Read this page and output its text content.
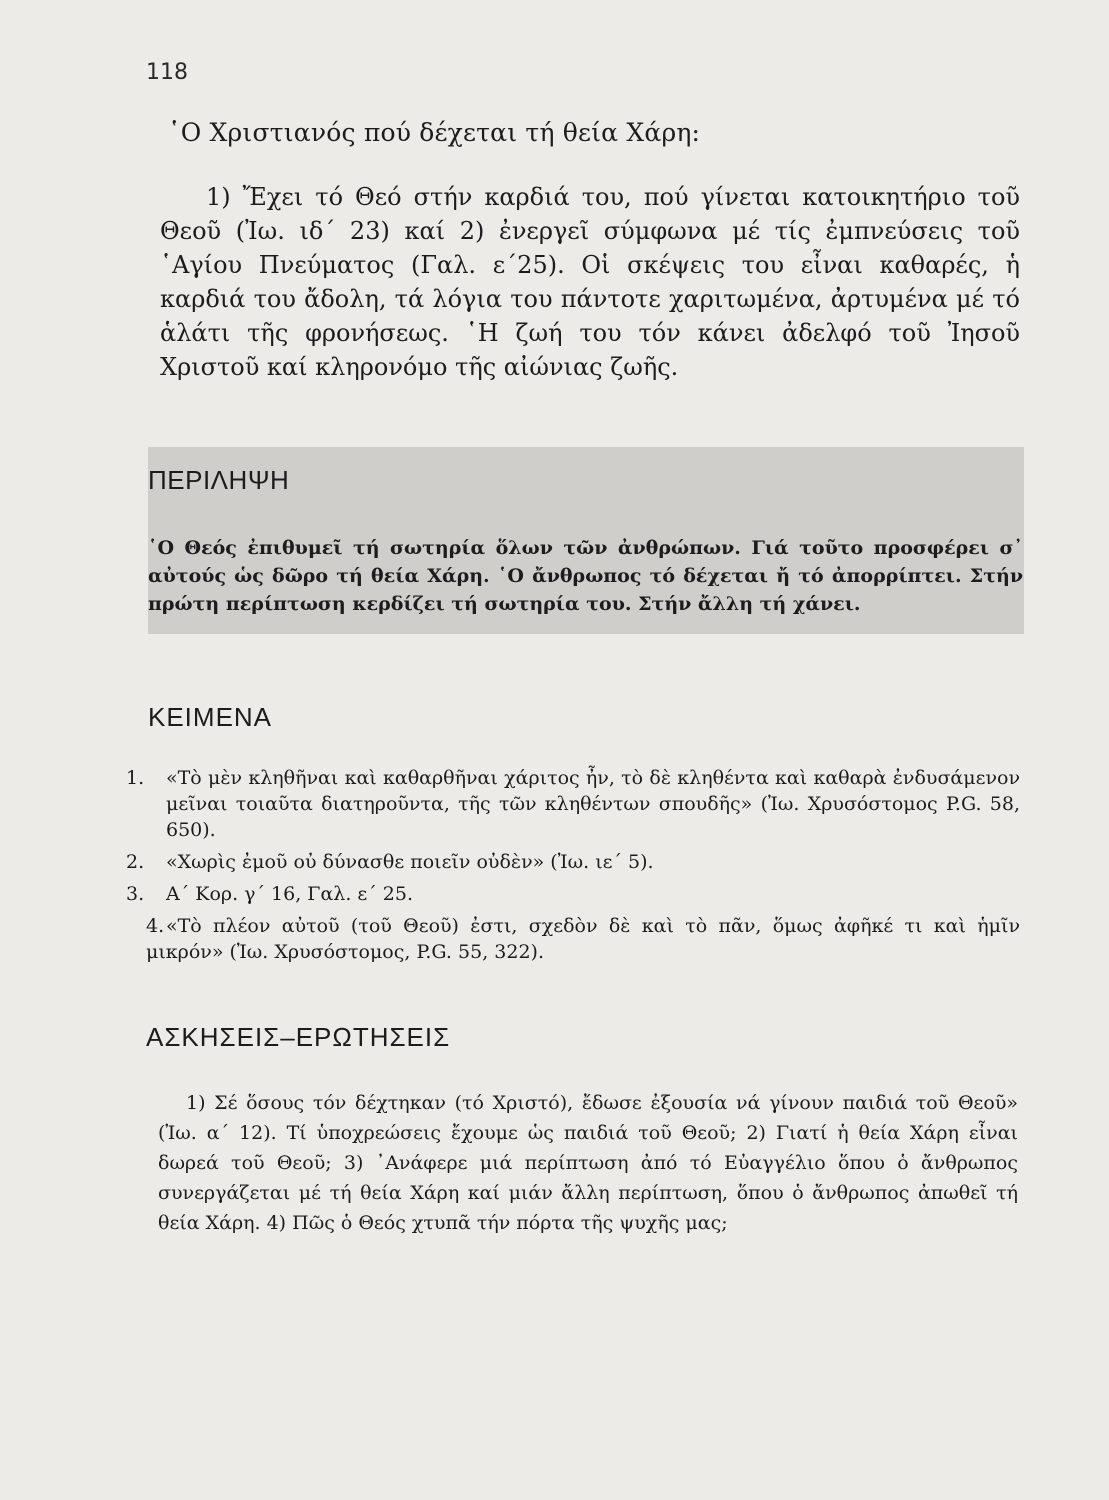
118
῾Ο Χριστιανός πού δέχεται τή θεία Χάρη:

1) Ἔχει τό Θεό στήν καρδιά του, πού γίνεται κατοικητήριο τοῦ Θεοῦ (Ἰω. ιδ´ 23) καί 2) ἐνεργεῖ σύμφωνα μέ τίς ἐμπνεύσεις τοῦ ῾Αγίου Πνεύματος (Γαλ. ε´25). Οἱ σκέψεις του εἶναι καθαρές, ἡ καρδιά του ἄδολη, τά λόγια του πάντοτε χαριτωμένα, ἀρτυμένα μέ τό ἁλάτι τῆς φρονήσεως. ῾Η ζωή του τόν κάνει ἀδελφό τοῦ Ἰησοῦ Χριστοῦ καί κληρονόμο τῆς αἰώνιας ζωῆς.

ΠΕΡΙΛΗΨΗ

῾Ο Θεός ἐπιθυμεῖ τή σωτηρία ὅλων τῶν ἀνθρώπων. Γιά τοῦτο προσφέρει σ᾽ αὐτούς ὡς δῶρο τή θεία Χάρη. ῾Ο ἄνθρωπος τό δέχεται ἤ τό ἀπορρίπτει. Στήν πρώτη περίπτωση κερδίζει τή σωτηρία του. Στήν ἄλλη τή χάνει.

ΚΕΙΜΕΝΑ
1. «Τὸ μὲν κληθῆναι καὶ καθαρθῆναι χάριτος ἦν, τὸ δὲ κληθέντα καὶ καθαρὰ ἐνδυσάμενον μεῖναι τοιαῦτα διατηροῦντα, τῆς τῶν κληθέντων σπουδῆς» (Ἰω. Χρυσόστομος P.G. 58, 650).
2. «Χωρὶς ἐμοῦ οὐ δύνασθε ποιεῖν οὐδὲν» (Ἰω. ιε´ 5).
3. Α´ Κορ. γ´ 16, Γαλ. ε´ 25.
4.«Τὸ πλέον αὐτοῦ (τοῦ Θεοῦ) ἐστι, σχεδὸν δὲ καὶ τὸ πᾶν, ὅμως ἀφῆκέ τι καὶ ἡμῖν μικρόν» (Ἰω. Χρυσόστομος, P.G. 55, 322).
ΑΣΚΗΣΕΙΣ–ΕΡΩΤΗΣΕΙΣ

1) Σέ ὅσους τόν δέχτηκαν (τό Χριστό), ἔδωσε ἐξουσία νά γίνουν παιδιά τοῦ Θεοῦ» (Ἰω. α´ 12). Τί ὑποχρεώσεις ἔχουμε ὡς παιδιά τοῦ Θεοῦ; 2) Γιατί ἡ θεία Χάρη εἶναι δωρεά τοῦ Θεοῦ; 3) ᾽Ανάφερε μιά περίπτωση ἀπό τό Εὐαγγέλιο ὅπου ὁ ἄνθρωπος συνεργάζεται μέ τή θεία Χάρη καί μιάν ἄλλη περίπτωση, ὅπου ὁ ἄνθρωπος ἀπωθεῖ τή θεία Χάρη. 4) Πῶς ὁ Θεός χτυπᾶ τήν πόρτα τῆς ψυχῆς μας;
